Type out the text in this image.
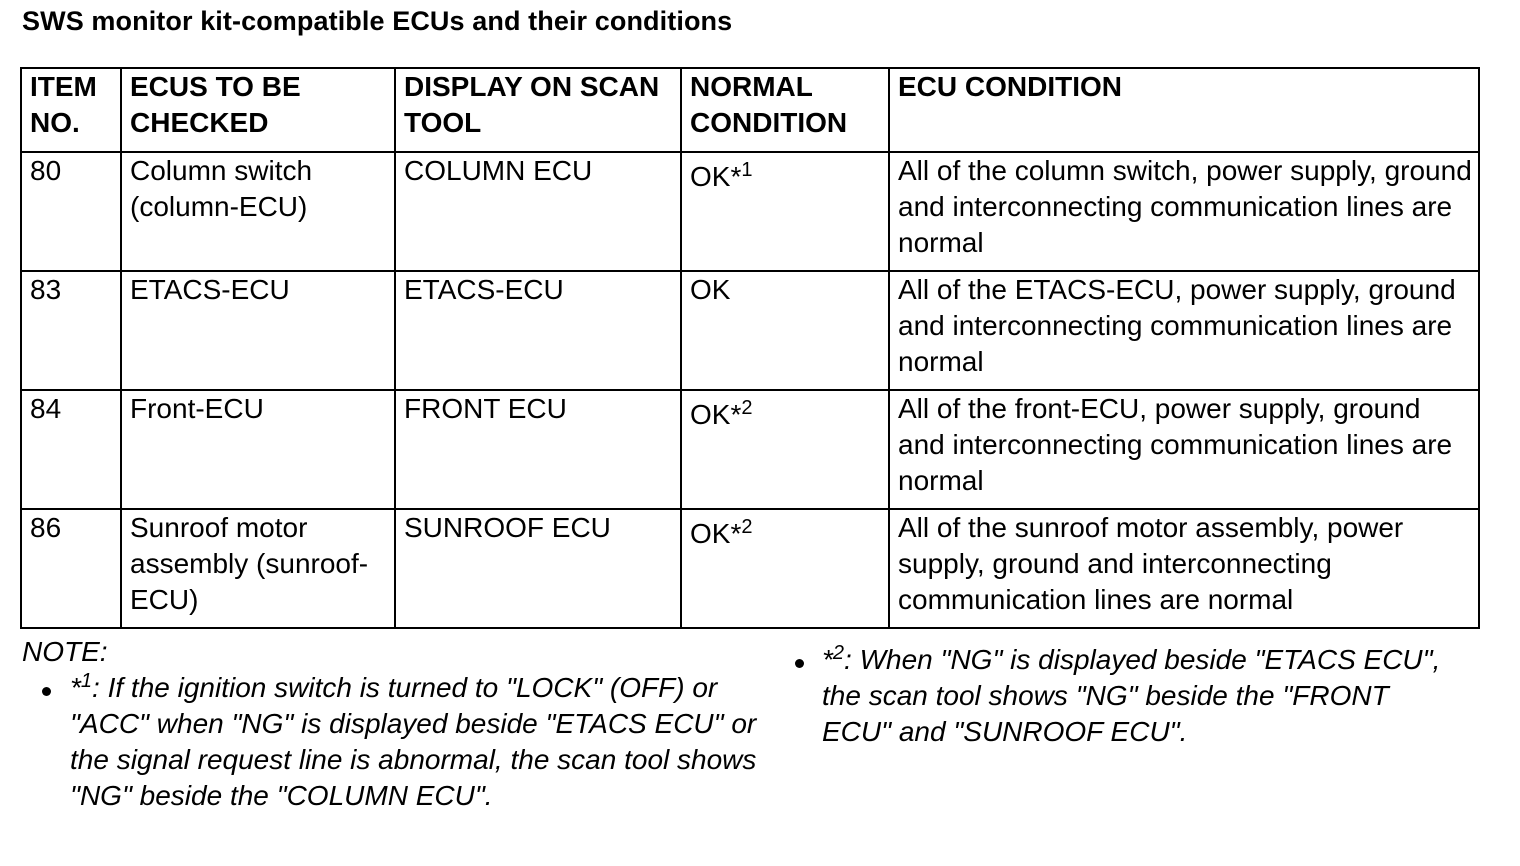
SWS monitor kit-compatible ECUs and their conditions
ITEM NO.	ECUS TO BE CHECKED	DISPLAY ON SCAN TOOL	NORMAL CONDITION	ECU CONDITION
80	Column switch (column-ECU)	COLUMN ECU	OK*$^1$	All of the column switch, power supply, ground and interconnecting communication lines are normal
83	ETACS-ECU	ETACS-ECU	OK	All of the ETACS-ECU, power supply, ground and interconnecting communication lines are normal
84	Front-ECU	FRONT ECU	OK*$^2$	All of the front-ECU, power supply, ground and interconnecting communication lines are normal
86	Sunroof motor assembly (sunroof-ECU)	SUNROOF ECU	OK*$^2$	All of the sunroof motor assembly, power supply, ground and interconnecting communication lines are normal
NOTE:
*$^1$: If the ignition switch is turned to "LOCK" (OFF) or "ACC" when "NG" is displayed beside "ETACS ECU" or the signal request line is abnormal, the scan tool shows "NG" beside the "COLUMN ECU".
*$^2$: When "NG" is displayed beside "ETACS ECU", the scan tool shows "NG" beside the "FRONT ECU" and "SUNROOF ECU".
